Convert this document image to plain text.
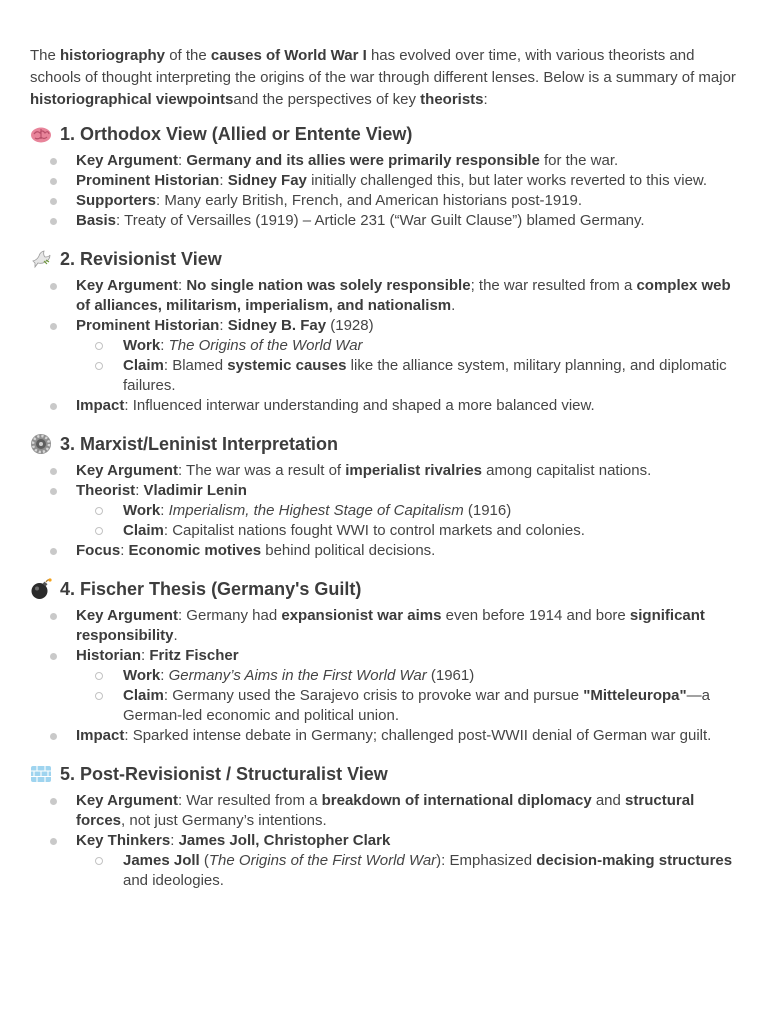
The historiography of the causes of World War I has evolved over time, with various theorists and schools of thought interpreting the origins of the war through different lenses. Below is a summary of major historiographical viewpointsand the perspectives of key theorists:

1. Orthodox View (Allied or Entente View)
Key Argument: Germany and its allies were primarily responsible for the war.
Prominent Historian: Sidney Fay initially challenged this, but later works reverted to this view.
Supporters: Many early British, French, and American historians post-1919.
Basis: Treaty of Versailles (1919) – Article 231 (“War Guilt Clause”) blamed Germany.
2. Revisionist View
Key Argument: No single nation was solely responsible; the war resulted from a complex web of alliances, militarism, imperialism, and nationalism.
Prominent Historian: Sidney B. Fay (1928)
Work: The Origins of the World War
Claim: Blamed systemic causes like the alliance system, military planning, and diplomatic failures.
Impact: Influenced interwar understanding and shaped a more balanced view.
3. Marxist/Leninist Interpretation
Key Argument: The war was a result of imperialist rivalries among capitalist nations.
Theorist: Vladimir Lenin
Work: Imperialism, the Highest Stage of Capitalism (1916)
Claim: Capitalist nations fought WWI to control markets and colonies.
Focus: Economic motives behind political decisions.
4. Fischer Thesis (Germany's Guilt)
Key Argument: Germany had expansionist war aims even before 1914 and bore significant responsibility.
Historian: Fritz Fischer
Work: Germany’s Aims in the First World War (1961)
Claim: Germany used the Sarajevo crisis to provoke war and pursue "Mitteleuropa"—a German-led economic and political union.
Impact: Sparked intense debate in Germany; challenged post-WWII denial of German war guilt.
5. Post-Revisionist / Structuralist View
Key Argument: War resulted from a breakdown of international diplomacy and structural forces, not just Germany’s intentions.
Key Thinkers: James Joll, Christopher Clark
James Joll (The Origins of the First World War): Emphasized decision-making structures and ideologies.
